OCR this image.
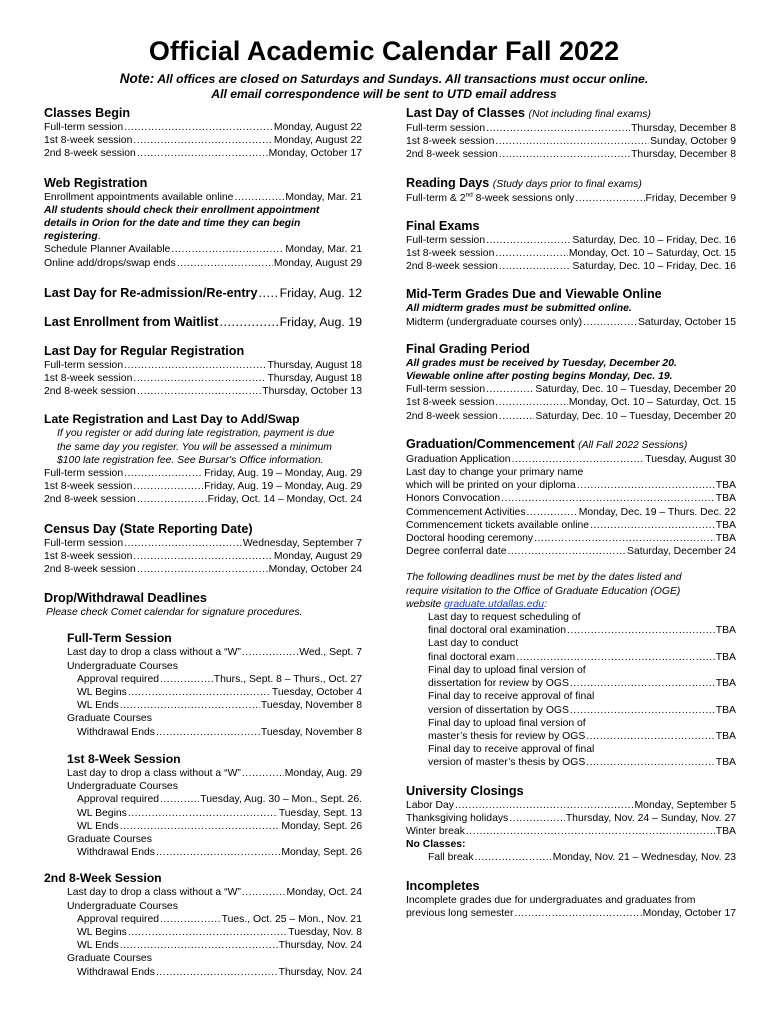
Official Academic Calendar Fall 2022
Note: All offices are closed on Saturdays and Sundays. All transactions must occur online.
All email correspondence will be sent to UTD email address
Classes Begin
Full-term session .....	Monday, August 22
1st 8-week session .....	Monday, August 22
2nd 8-week session .....	Monday, October 17
Web Registration
Enrollment appointments available online .....	Monday, Mar. 21
All students should check their enrollment appointment details in Orion for the date and time they can begin registering.
Schedule Planner Available .....	Monday, Mar. 21
Online add/drops/swap ends .....	Monday, August 29
Last Day for Re-admission/Re-entry ..... Friday, Aug. 12
Last Enrollment from Waitlist .....	Friday, Aug. 19
Last Day for Regular Registration
Full-term session .....	Thursday, August 18
1st 8-week session .....	Thursday, August 18
2nd 8-week session .....	Thursday, October 13
Late Registration and Last Day to Add/Swap
If you register or add during late registration, payment is due
the same day you register. You will be assessed a minimum
$100 late registration fee. See Bursar's Office information.
Full-term session .....	Friday, Aug. 19 – Monday, Aug. 29
1st 8-week session .....	Friday, Aug. 19 – Monday, Aug. 29
2nd 8-week session .....	Friday, Oct. 14 – Monday, Oct. 24
Census Day (State Reporting Date)
Full-term session .....	Wednesday, September 7
1st 8-week session .....	Monday, August 29
2nd 8-week session .....	Monday, October 24
Drop/Withdrawal Deadlines
Please check Comet calendar for signature procedures.
Full-Term Session
Last day to drop a class without a “W” .....	Wed., Sept. 7
Undergraduate Courses
Approval required .....	Thurs., Sept. 8 – Thurs., Oct. 27
WL Begins .....	Tuesday, October 4
WL Ends .....	Tuesday, November 8
Graduate Courses
Withdrawal Ends .....	Tuesday, November 8
1st 8-Week Session
Last day to drop a class without a “W” .....	Monday, Aug. 29
Undergraduate Courses
Approval required .....	Tuesday, Aug. 30 – Mon., Sept. 26.
WL Begins .....	Tuesday, Sept. 13
WL Ends .....	Monday, Sept. 26
Graduate Courses
Withdrawal Ends .....	Monday, Sept. 26
2nd 8-Week Session
Last day to drop a class without a “W” .....	Monday, Oct. 24
Undergraduate Courses
Approval required .....	Tues., Oct. 25 – Mon., Nov. 21
WL Begins .....	Tuesday, Nov. 8
WL Ends .....	Thursday, Nov. 24
Graduate Courses
Withdrawal Ends .....	Thursday, Nov. 24
Last Day of Classes (Not including final exams)
Full-term session .....	Thursday, December 8
1st 8-week session .....	Sunday, October 9
2nd 8-week session .....	Thursday, December 8
Reading Days (Study days prior to final exams)
Full-term & 2nd 8-week sessions only .....	Friday, December 9
Final Exams
Full-term session .....	Saturday, Dec. 10 – Friday, Dec. 16
1st 8-week session .....	Monday, Oct. 10 – Saturday, Oct. 15
2nd 8-week session .....	Saturday, Dec. 10 – Friday, Dec. 16
Mid-Term Grades Due and Viewable Online
All midterm grades must be submitted online.
Midterm (undergraduate courses only) .....	Saturday, October 15
Final Grading Period
All grades must be received by Tuesday, December 20.
Viewable online after posting begins Monday, Dec. 19.
Full-term session .....	Saturday, Dec. 10 – Tuesday, December 20
1st 8-week session .....	Monday, Oct. 10 – Saturday, Oct. 15
2nd 8-week session .....	Saturday, Dec. 10 – Tuesday, December 20
Graduation/Commencement (All Fall 2022 Sessions)
Graduation Application .....	Tuesday, August 30
Last day to change your primary name
which will be printed on your diploma .....	TBA
Honors Convocation .....	TBA
Commencement Activities .....	Monday, Dec. 19 – Thurs. Dec. 22
Commencement tickets available online .....	TBA
Doctoral hooding ceremony .....	TBA
Degree conferral date .....	Saturday, December 24
The following deadlines must be met by the dates listed and
require visitation to the Office of Graduate Education (OGE)
website graduate.utdallas.edu:
Last day to request scheduling of
final doctoral oral examination .....	TBA
Last day to conduct
final doctoral exam .....	TBA
Final day to upload final version of
dissertation for review by OGS .....	TBA
Final day to receive approval of final
version of dissertation by OGS .....	TBA
Final day to upload final version of
master’s thesis for review by OGS .....	TBA
Final day to receive approval of final
version of master’s thesis by OGS .....	TBA
University Closings
Labor Day .....	Monday, September 5
Thanksgiving holidays .....	Thursday, Nov. 24 – Sunday, Nov. 27
Winter break .....	TBA
No Classes:
Fall break .....	Monday, Nov. 21 – Wednesday, Nov. 23
Incompletes
Incomplete grades due for undergraduates and graduates from
previous long semester .....	Monday, October 17
